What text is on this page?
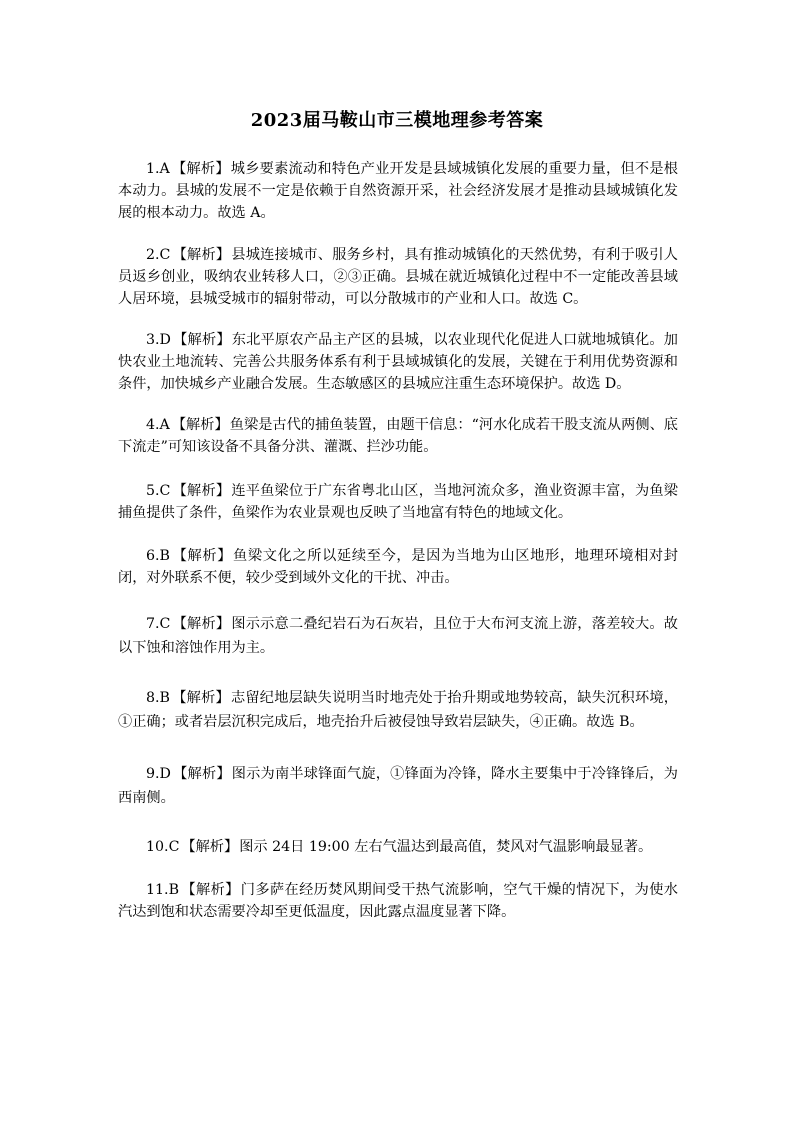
2023届马鞍山市三模地理参考答案
1.A 【解析】城乡要素流动和特色产业开发是县域城镇化发展的重要力量，但不是根本动力。县城的发展不一定是依赖于自然资源开采，社会经济发展才是推动县域城镇化发展的根本动力。故选 A。
2.C 【解析】县城连接城市、服务乡村，具有推动城镇化的天然优势，有利于吸引人员返乡创业，吸纳农业转移人口，②③正确。县城在就近城镇化过程中不一定能改善县域人居环境，县城受城市的辐射带动，可以分散城市的产业和人口。故选 C。
3.D 【解析】东北平原农产品主产区的县城，以农业现代化促进人口就地城镇化。加快农业土地流转、完善公共服务体系有利于县域城镇化的发展，关键在于利用优势资源和条件，加快城乡产业融合发展。生态敏感区的县城应注重生态环境保护。故选 D。
4.A 【解析】鱼梁是古代的捕鱼装置，由题干信息：“河水化成若干股支流从两侧、底下流走”可知该设备不具备分洪、灌溉、拦沙功能。
5.C 【解析】连平鱼梁位于广东省粤北山区，当地河流众多，渔业资源丰富，为鱼梁捕鱼提供了条件，鱼梁作为农业景观也反映了当地富有特色的地域文化。
6.B 【解析】鱼梁文化之所以延续至今，是因为当地为山区地形，地理环境相对封闭，对外联系不便，较少受到域外文化的干扰、冲击。
7.C 【解析】图示示意二叠纪岩石为石灰岩，且位于大布河支流上游，落差较大。故以下蚀和溶蚀作用为主。
8.B 【解析】志留纪地层缺失说明当时地壳处于抬升期或地势较高，缺失沉积环境，①正确；或者岩层沉积完成后，地壳抬升后被侵蚀导致岩层缺失，④正确。故选 B。
9.D 【解析】图示为南半球锋面气旋，①锋面为冷锋，降水主要集中于冷锋锋后，为西南侧。
10.C 【解析】图示 24日 19:00 左右气温达到最高值，焚风对气温影响最显著。
11.B 【解析】门多萨在经历焚风期间受干热气流影响，空气干燥的情况下，为使水汽达到饱和状态需要冷却至更低温度，因此露点温度显著下降。
